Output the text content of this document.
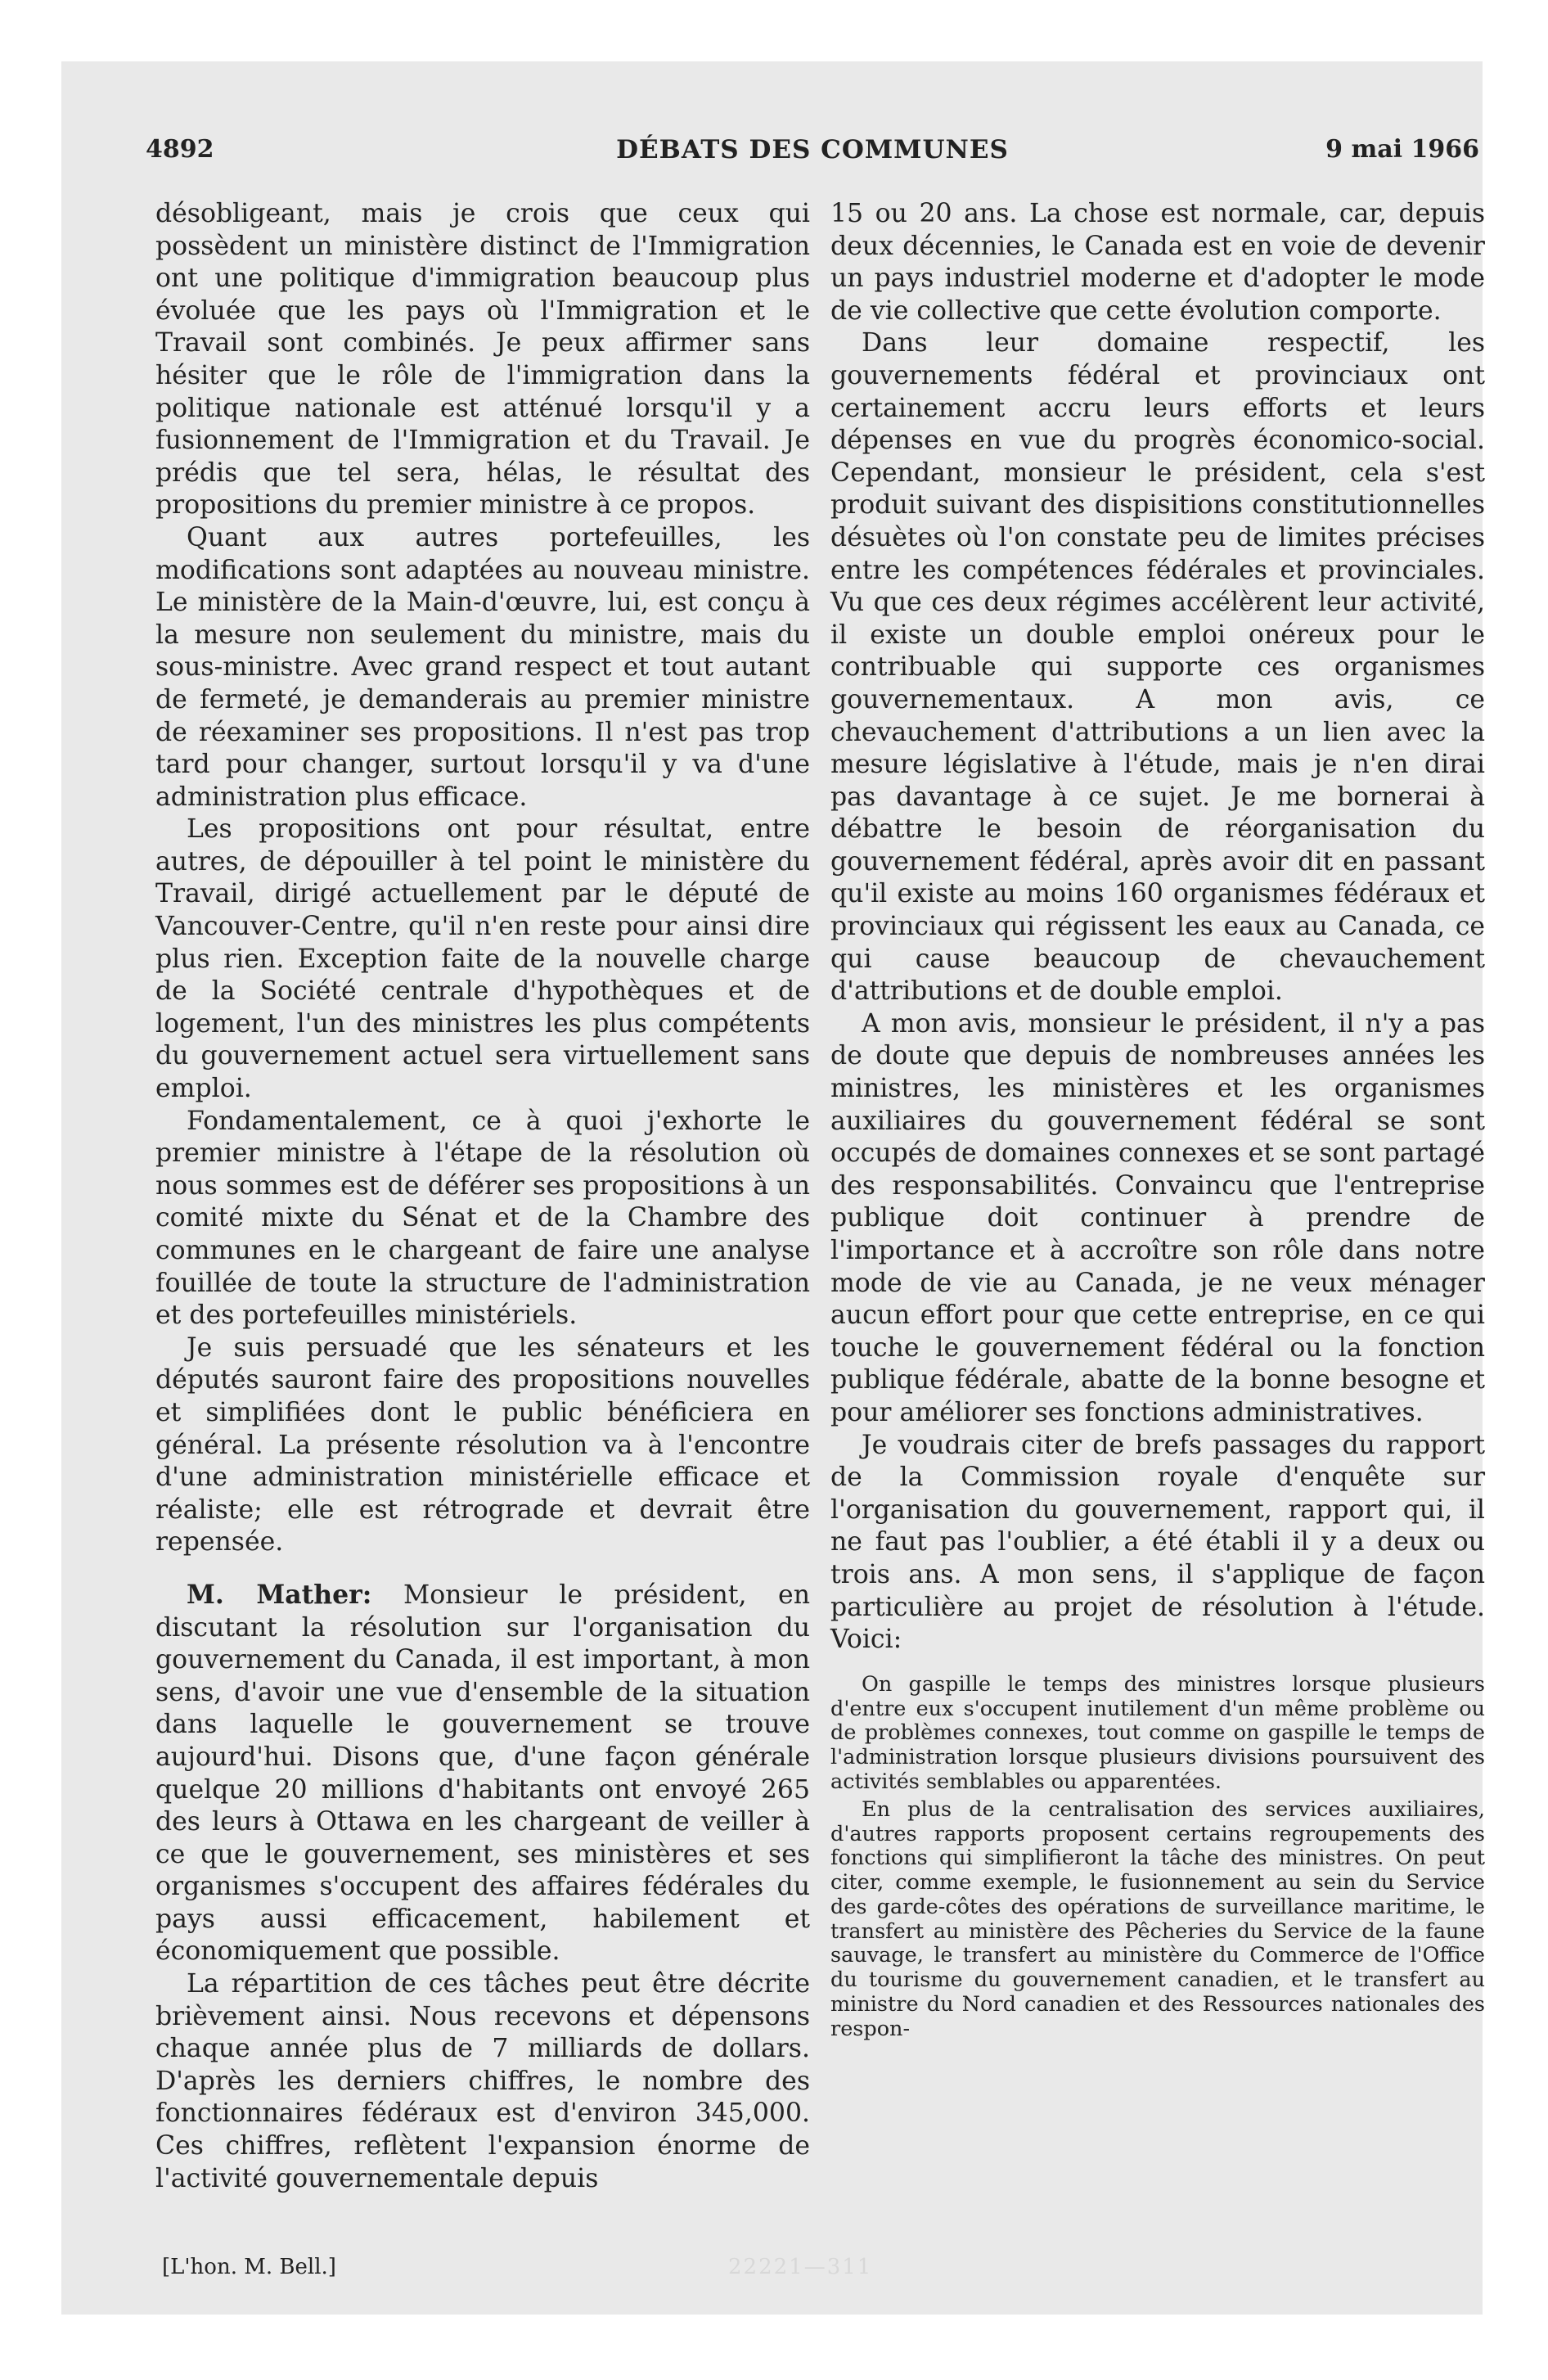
4892	DÉBATS DES COMMUNES	9 mai 1966

désobligeant, mais je crois que ceux qui possèdent un ministère distinct de l'Immigration ont une politique d'immigration beaucoup plus évoluée que les pays où l'Immigration et le Travail sont combinés. Je peux affirmer sans hésiter que le rôle de l'immigration dans la politique nationale est atténué lorsqu'il y a fusionnement de l'Immigration et du Travail. Je prédis que tel sera, hélas, le résultat des propositions du premier ministre à ce propos.

Quant aux autres portefeuilles, les modifications sont adaptées au nouveau ministre. Le ministère de la Main-d'œuvre, lui, est conçu à la mesure non seulement du ministre, mais du sous-ministre. Avec grand respect et tout autant de fermeté, je demanderais au premier ministre de réexaminer ses propositions. Il n'est pas trop tard pour changer, surtout lorsqu'il y va d'une administration plus efficace.

Les propositions ont pour résultat, entre autres, de dépouiller à tel point le ministère du Travail, dirigé actuellement par le député de Vancouver-Centre, qu'il n'en reste pour ainsi dire plus rien. Exception faite de la nouvelle charge de la Société centrale d'hypothèques et de logement, l'un des ministres les plus compétents du gouvernement actuel sera virtuellement sans emploi.

Fondamentalement, ce à quoi j'exhorte le premier ministre à l'étape de la résolution où nous sommes est de déférer ses propositions à un comité mixte du Sénat et de la Chambre des communes en le chargeant de faire une analyse fouillée de toute la structure de l'administration et des portefeuilles ministériels.

Je suis persuadé que les sénateurs et les députés sauront faire des propositions nouvelles et simplifiées dont le public bénéficiera en général. La présente résolution va à l'encontre d'une administration ministérielle efficace et réaliste; elle est rétrograde et devrait être repensée.

M. Mather: Monsieur le président, en discutant la résolution sur l'organisation du gouvernement du Canada, il est important, à mon sens, d'avoir une vue d'ensemble de la situation dans laquelle le gouvernement se trouve aujourd'hui. Disons que, d'une façon générale quelque 20 millions d'habitants ont envoyé 265 des leurs à Ottawa en les chargeant de veiller à ce que le gouvernement, ses ministères et ses organismes s'occupent des affaires fédérales du pays aussi efficacement, habilement et économiquement que possible.

La répartition de ces tâches peut être décrite brièvement ainsi. Nous recevons et dépensons chaque année plus de 7 milliards de dollars. D'après les derniers chiffres, le nombre des fonctionnaires fédéraux est d'environ 345,000. Ces chiffres, reflètent l'expansion énorme de l'activité gouvernementale depuis

15 ou 20 ans. La chose est normale, car, depuis deux décennies, le Canada est en voie de devenir un pays industriel moderne et d'adopter le mode de vie collective que cette évolution comporte.

Dans leur domaine respectif, les gouvernements fédéral et provinciaux ont certainement accru leurs efforts et leurs dépenses en vue du progrès économico-social. Cependant, monsieur le président, cela s'est produit suivant des dispisitions constitutionnelles désuètes où l'on constate peu de limites précises entre les compétences fédérales et provinciales. Vu que ces deux régimes accélèrent leur activité, il existe un double emploi onéreux pour le contribuable qui supporte ces organismes gouvernementaux. A mon avis, ce chevauchement d'attributions a un lien avec la mesure législative à l'étude, mais je n'en dirai pas davantage à ce sujet. Je me bornerai à débattre le besoin de réorganisation du gouvernement fédéral, après avoir dit en passant qu'il existe au moins 160 organismes fédéraux et provinciaux qui régissent les eaux au Canada, ce qui cause beaucoup de chevauchement d'attributions et de double emploi.

A mon avis, monsieur le président, il n'y a pas de doute que depuis de nombreuses années les ministres, les ministères et les organismes auxiliaires du gouvernement fédéral se sont occupés de domaines connexes et se sont partagé des responsabilités. Convaincu que l'entreprise publique doit continuer à prendre de l'importance et à accroître son rôle dans notre mode de vie au Canada, je ne veux ménager aucun effort pour que cette entreprise, en ce qui touche le gouvernement fédéral ou la fonction publique fédérale, abatte de la bonne besogne et pour améliorer ses fonctions administratives.

Je voudrais citer de brefs passages du rapport de la Commission royale d'enquête sur l'organisation du gouvernement, rapport qui, il ne faut pas l'oublier, a été établi il y a deux ou trois ans. A mon sens, il s'applique de façon particulière au projet de résolution à l'étude. Voici:

On gaspille le temps des ministres lorsque plusieurs d'entre eux s'occupent inutilement d'un même problème ou de problèmes connexes, tout comme on gaspille le temps de l'administration lorsque plusieurs divisions poursuivent des activités semblables ou apparentées.

En plus de la centralisation des services auxiliaires, d'autres rapports proposent certains regroupements des fonctions qui simplifieront la tâche des ministres. On peut citer, comme exemple, le fusionnement au sein du Service des garde-côtes des opérations de surveillance maritime, le transfert au ministère des Pêcheries du Service de la faune sauvage, le transfert au ministère du Commerce de l'Office du tourisme du gouvernement canadien, et le transfert au ministre du Nord canadien et des Ressources nationales des respon-

[L'hon. M. Bell.]	22221—311
